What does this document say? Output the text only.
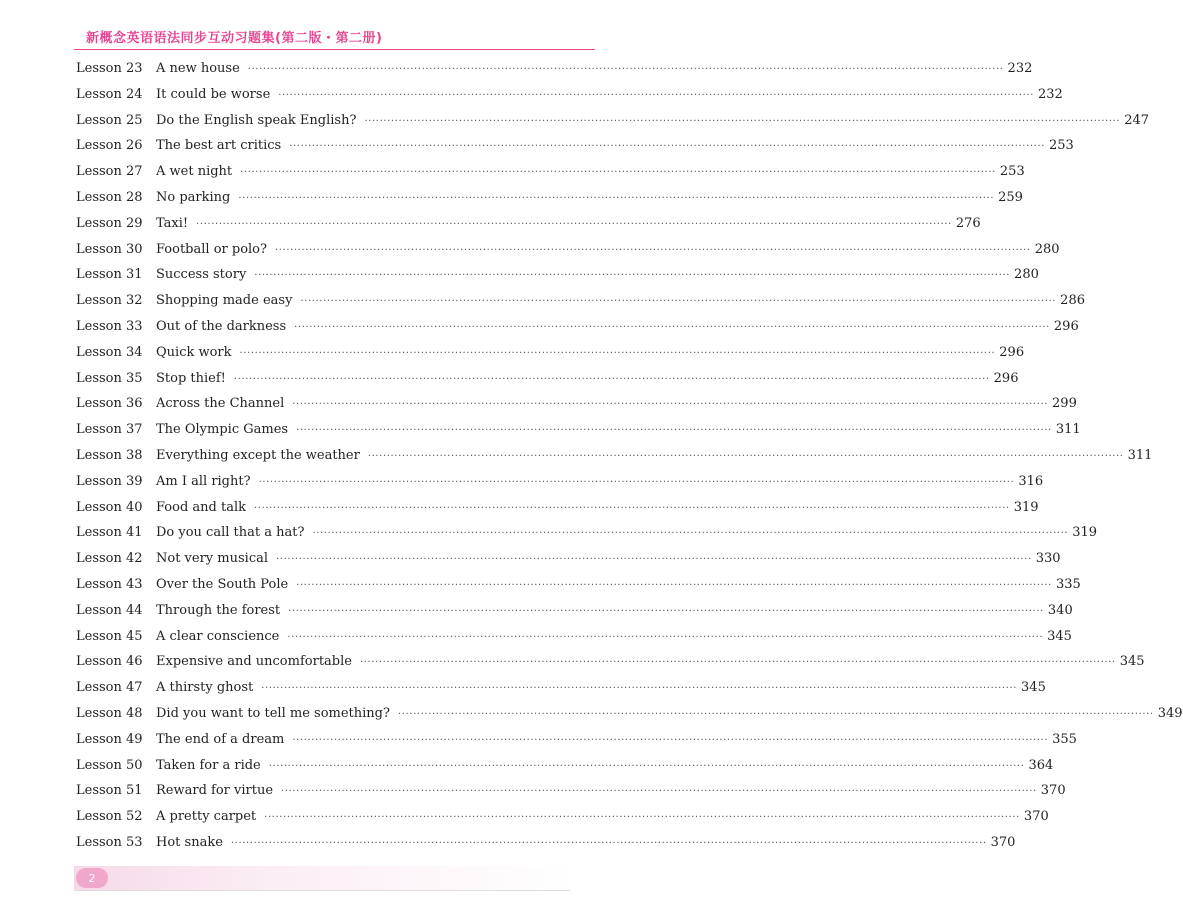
新概念英语语法同步互动习题集(第二版・第二册)
Lesson 23	A new house ········································································································································································································ 232
Lesson 24	It could be worse ········································································································································································································ 232
Lesson 25	Do the English speak English? ········································································································································································································ 247
Lesson 26	The best art critics ········································································································································································································ 253
Lesson 27	A wet night ········································································································································································································ 253
Lesson 28	No parking ········································································································································································································ 259
Lesson 29	Taxi! ········································································································································································································ 276
Lesson 30	Football or polo? ········································································································································································································ 280
Lesson 31	Success story ········································································································································································································ 280
Lesson 32	Shopping made easy ········································································································································································································ 286
Lesson 33	Out of the darkness ········································································································································································································ 296
Lesson 34	Quick work ········································································································································································································ 296
Lesson 35	Stop thief! ········································································································································································································ 296
Lesson 36	Across the Channel ········································································································································································································ 299
Lesson 37	The Olympic Games ········································································································································································································ 311
Lesson 38	Everything except the weather ········································································································································································································ 311
Lesson 39	Am I all right? ········································································································································································································ 316
Lesson 40	Food and talk ········································································································································································································ 319
Lesson 41	Do you call that a hat? ········································································································································································································ 319
Lesson 42	Not very musical ········································································································································································································ 330
Lesson 43	Over the South Pole ········································································································································································································ 335
Lesson 44	Through the forest ········································································································································································································ 340
Lesson 45	A clear conscience ········································································································································································································ 345
Lesson 46	Expensive and uncomfortable ········································································································································································································ 345
Lesson 47	A thirsty ghost ········································································································································································································ 345
Lesson 48	Did you want to tell me something? ········································································································································································································ 349
Lesson 49	The end of a dream ········································································································································································································ 355
Lesson 50	Taken for a ride ········································································································································································································ 364
Lesson 51	Reward for virtue ········································································································································································································ 370
Lesson 52	A pretty carpet ········································································································································································································ 370
Lesson 53	Hot snake ········································································································································································································ 370
2
